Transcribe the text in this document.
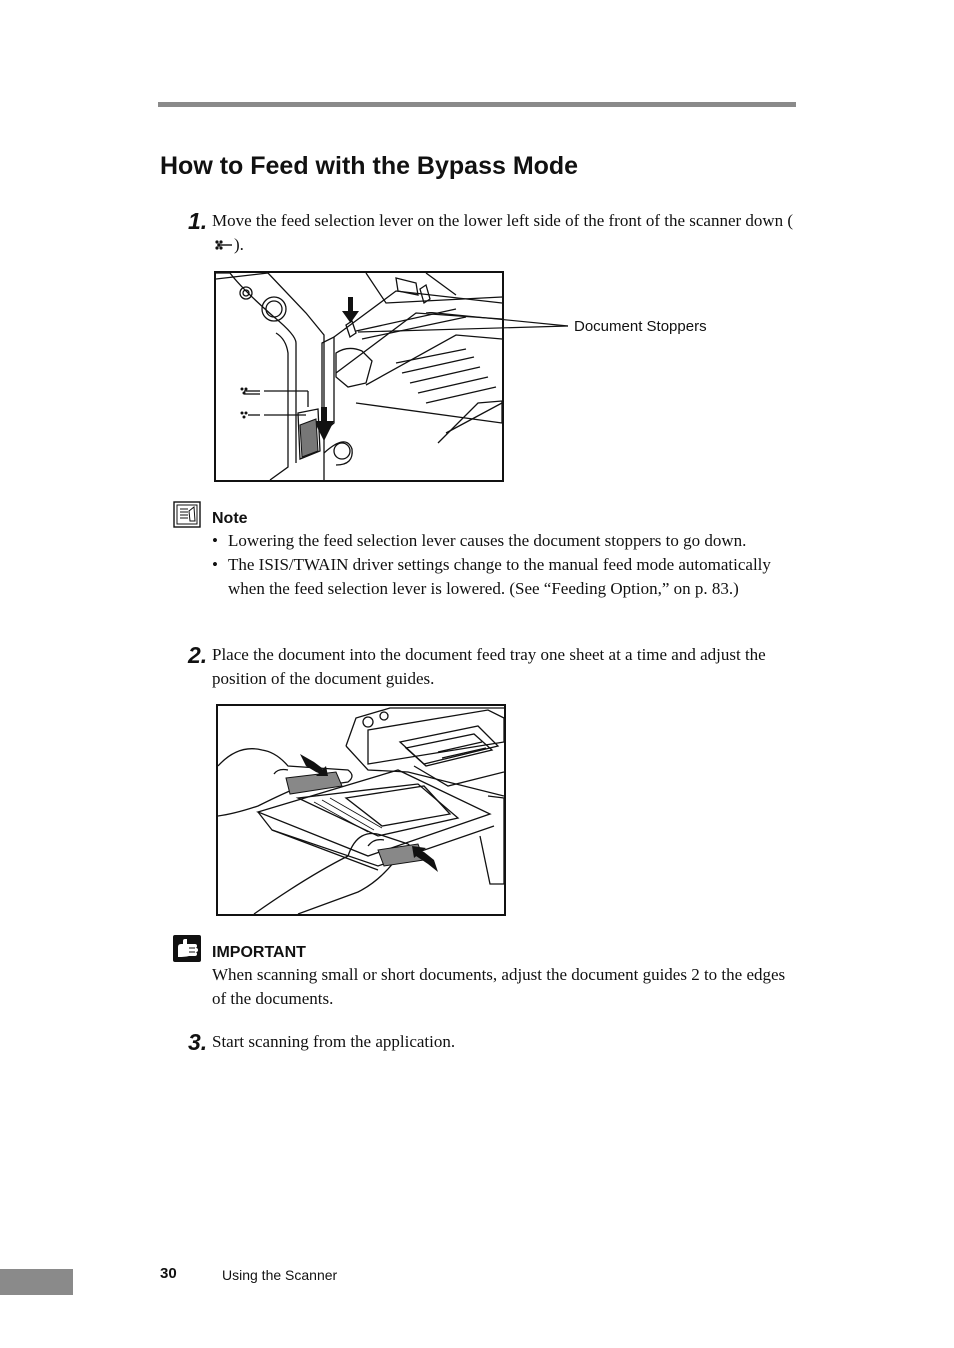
How to Feed with the Bypass Mode
1. Move the feed selection lever on the lower left side of the front of the scanner down ().
Document Stoppers
Note
• Lowering the feed selection lever causes the document stoppers to go down.
• The ISIS/TWAIN driver settings change to the manual feed mode automatically when the feed selection lever is lowered. (See “Feeding Option,” on p. 83.)
2. Place the document into the document feed tray one sheet at a time and adjust the position of the document guides.
IMPORTANT
When scanning small or short documents, adjust the document guides 2 to the edges of the documents.
3. Start scanning from the application.
30	Using the Scanner
